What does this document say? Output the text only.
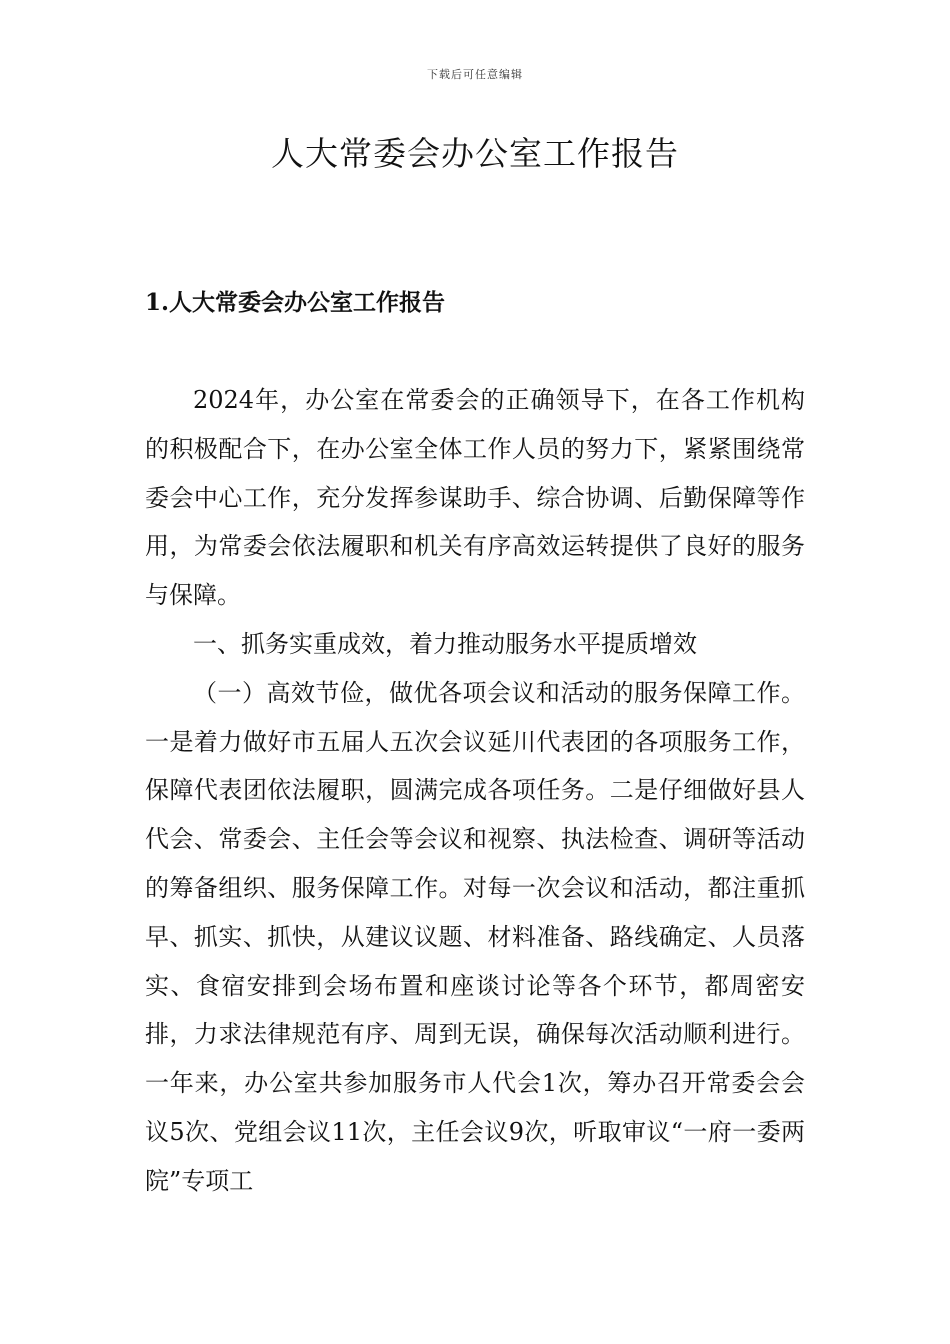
下载后可任意编辑
人大常委会办公室工作报告
1.人大常委会办公室工作报告

2024年，办公室在常委会的正确领导下，在各工作机构的积极配合下，在办公室全体工作人员的努力下，紧紧围绕常委会中心工作，充分发挥参谋助手、综合协调、后勤保障等作用，为常委会依法履职和机关有序高效运转提供了良好的服务与保障。

一、抓务实重成效，着力推动服务水平提质增效

（一）高效节俭，做优各项会议和活动的服务保障工作。一是着力做好市五届人五次会议延川代表团的各项服务工作，保障代表团依法履职，圆满完成各项任务。二是仔细做好县人代会、常委会、主任会等会议和视察、执法检查、调研等活动的筹备组织、服务保障工作。对每一次会议和活动，都注重抓早、抓实、抓快，从建议议题、材料准备、路线确定、人员落实、食宿安排到会场布置和座谈讨论等各个环节，都周密安排，力求法律规范有序、周到无误，确保每次活动顺利进行。一年来，办公室共参加服务市人代会1次，筹办召开常委会会议5次、党组会议11次，主任会议9次，听取审议“一府一委两院”专项工
